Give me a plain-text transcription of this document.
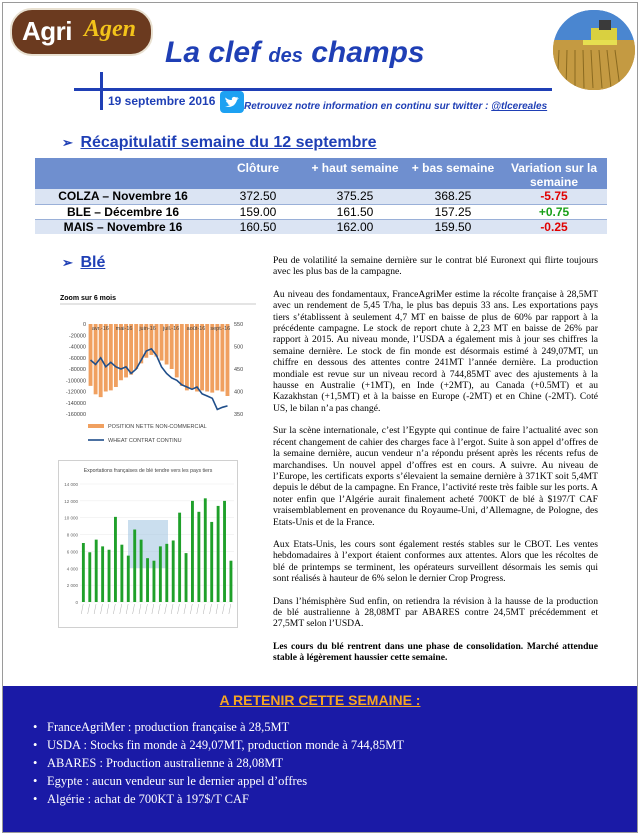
Agri Agen
La clef des champs
19 septembre 2016	Retrouvez notre information en continu sur twitter : @tlcereales
➢ Récapitulatif semaine du 12 septembre
	Clôture	+ haut semaine	+ bas semaine	Variation sur la semaine
COLZA – Novembre 16	372.50	375.25	368.25	-5.75
BLE – Décembre 16	159.00	161.50	157.25	+0.75
MAIS – Novembre 16	160.50	162.00	159.50	-0.25
➢ Blé
Zoom sur 6 mois
0
-20000
-40000
-60000
-80000
-100000
-120000
-140000
-160000
550
500
450
400
350
avr.-16 mai-16 juin-16 juil.-16 août-16 sept.-16
POSITION NETTE NON-COMMERCIAL
WHEAT CONTRAT CONTINU
Exportations françaises de blé tendre vers les pays tiers
14 000
12 000
10 000
8 000
6 000
4 000
2 000
0

Peu de volatilité la semaine dernière sur le contrat blé Euronext qui flirte toujours avec les plus bas de la campagne.

Au niveau des fondamentaux, FranceAgriMer estime la récolte française à 28,5MT avec un rendement de 5,45 T/ha, le plus bas depuis 33 ans. Les exportations pays tiers s’établissent à seulement 4,7 MT en baisse de plus de 60% par rapport à la précédente campagne. Le stock de report chute à 2,23 MT en baisse de 26% par rapport à 2015. Au niveau monde, l’USDA a également mis à jour ses chiffres la semaine dernière. Le stock de fin monde est désormais estimé à 249,07MT, un chiffre en dessous des attentes contre 241MT l’année dernière. La production mondiale est revue sur un niveau record à 744,85MT avec des ajustements à la hausse en Australie (+1MT), en Inde (+2MT), au Canada (+0.5MT) et au Kazakhstan (+1,5MT) et à la baisse en Europe (-2MT) et en Chine (-2MT). Coté US, le bilan n’a pas changé.

Sur la scène internationale, c’est l’Egypte qui continue de faire l’actualité avec son récent changement de cahier des charges face à l’ergot. Suite à son appel d’offres de la semaine dernière, aucun vendeur n’a répondu présent après les récents refus de marchandises. Un nouvel appel d’offres est en cours. A suivre. Au niveau de l’Europe, les certificats exports s’élevaient la semaine dernière à 371KT soit 5,4MT depuis le début de la campagne. En France, l’activité reste très faible sur les ports. A noter enfin que l’Algérie aurait finalement acheté 700KT de blé à $197/T CAF vraisemblablement en provenance du Royaume-Uni, d’Allemagne, de Pologne, des Etats-Unis et de la France.

Aux Etats-Unis, les cours sont également restés stables sur le CBOT. Les ventes hebdomadaires à l’export étaient conformes aux attentes. Alors que les récoltes de blé de printemps se terminent, les opérateurs surveillent désormais les semis qui sont réalisés à hauteur de 6% selon le dernier Crop Progress.

Dans l’hémisphère Sud enfin, on retiendra la révision à la hausse de la production de blé australienne à 28,08MT par ABARES contre 24,5MT précédemment et 27,5MT selon l’USDA.

Les cours du blé rentrent dans une phase de consolidation. Marché attendue stable à légèrement haussier cette semaine.

A RETENIR CETTE SEMAINE :
• FranceAgriMer : production française à 28,5MT
• USDA : Stocks fin monde à 249,07MT, production monde à 744,85MT
• ABARES : Production australienne à 28,08MT
• Egypte : aucun vendeur sur le dernier appel d’offres
• Algérie : achat de 700KT à 197$/T CAF
